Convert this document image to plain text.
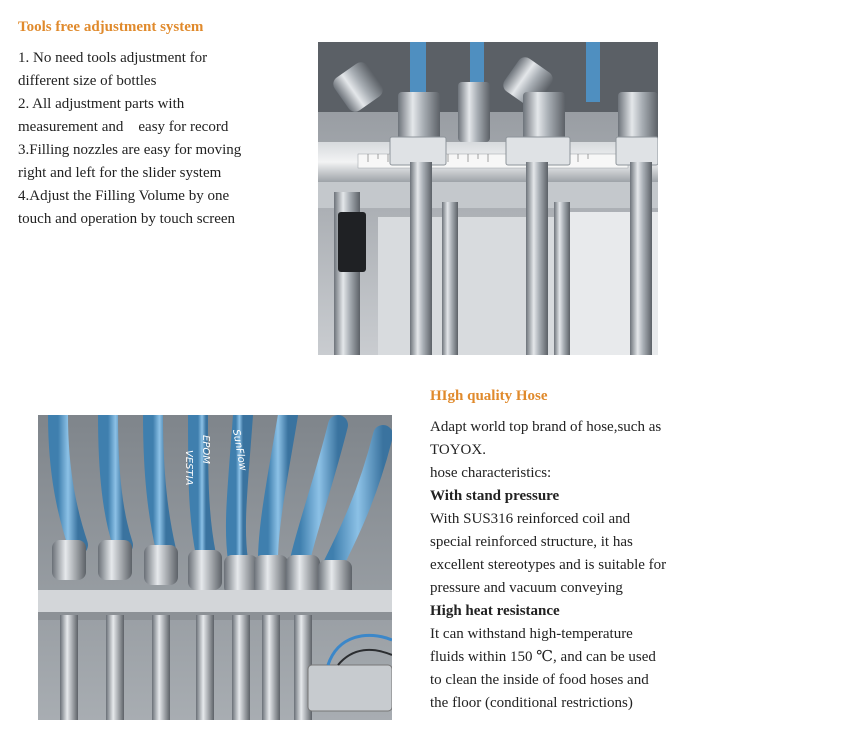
Tools free adjustment system

1. No need tools adjustment for
different size of bottles
2. All adjustment parts with
measurement and    easy for record
3.Filling nozzles are easy for moving
right and left for the slider system
4.Adjust the Filling Volume by one
touch and operation by touch screen

EPOM
VESTIA	SunFlow
HIgh quality Hose

Adapt world top brand of hose,such as
TOYOX.
hose characteristics:
With stand pressure
With SUS316 reinforced coil and
special reinforced structure, it has
excellent stereotypes and is suitable for
pressure and vacuum conveying
High heat resistance
It can withstand high-temperature
fluids within 150 ℃, and can be used
to clean the inside of food hoses and
the floor (conditional restrictions)
